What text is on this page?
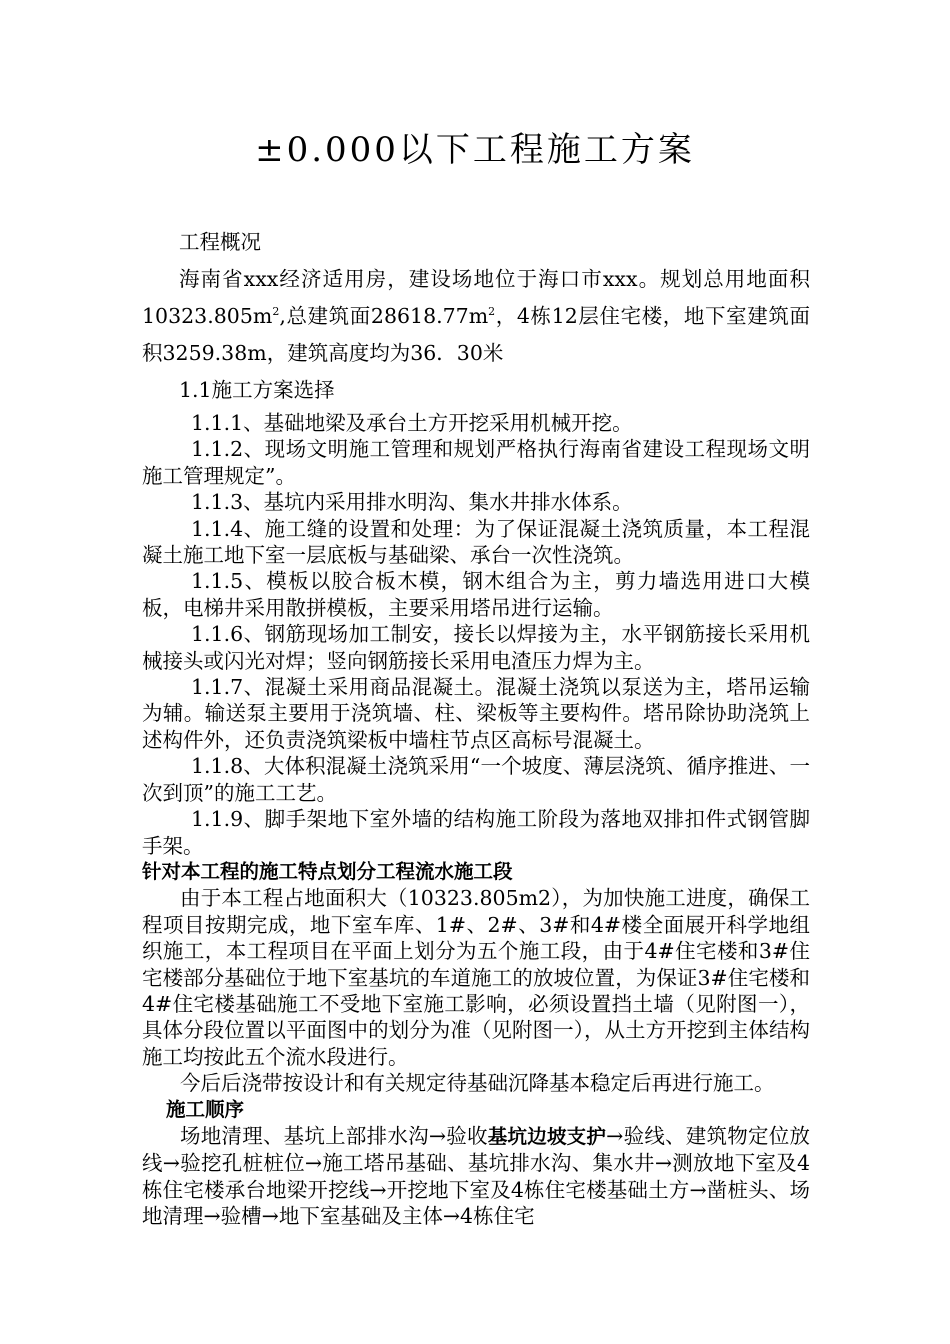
±0.000以下工程施工方案

工程概况

海南省xxx经济适用房，建设场地位于海口市xxx。规划总用地面积$10323.805m^2$,总建筑面$28618.77m^2$，4栋12层住宅楼，地下室建筑面积3259.38m，建筑高度均为36．30米

1.1施工方案选择

1.1.1、基础地梁及承台土方开挖采用机械开挖。

1.1.2、现场文明施工管理和规划严格执行海南省建设工程现场文明施工管理规定”。

1.1.3、基坑内采用排水明沟、集水井排水体系。

1.1.4、施工缝的设置和处理：为了保证混凝土浇筑质量，本工程混凝土施工地下室一层底板与基础梁、承台一次性浇筑。

1.1.5、模板以胶合板木模，钢木组合为主，剪力墙选用进口大模板，电梯井采用散拼模板，主要采用塔吊进行运输。

1.1.6、钢筋现场加工制安，接长以焊接为主，水平钢筋接长采用机械接头或闪光对焊；竖向钢筋接长采用电渣压力焊为主。

1.1.7、混凝土采用商品混凝土。混凝土浇筑以泵送为主，塔吊运输为辅。输送泵主要用于浇筑墙、柱、梁板等主要构件。塔吊除协助浇筑上述构件外，还负责浇筑梁板中墙柱节点区高标号混凝土。

1.1.8、大体积混凝土浇筑采用“一个坡度、薄层浇筑、循序推进、一次到顶”的施工工艺。

1.1.9、脚手架地下室外墙的结构施工阶段为落地双排扣件式钢管脚手架。

针对本工程的施工特点划分工程流水施工段

由于本工程占地面积大（10323.805m2），为加快施工进度，确保工程项目按期完成，地下室车库、1#、2#、3#和4#楼全面展开科学地组织施工，本工程项目在平面上划分为五个施工段，由于4#住宅楼和3#住宅楼部分基础位于地下室基坑的车道施工的放坡位置，为保证3#住宅楼和4#住宅楼基础施工不受地下室施工影响，必须设置挡土墙（见附图一），具体分段位置以平面图中的划分为准（见附图一），从土方开挖到主体结构施工均按此五个流水段进行。

今后后浇带按设计和有关规定待基础沉降基本稳定后再进行施工。

施工顺序

场地清理、基坑上部排水沟→验收基坑边坡支护→验线、建筑物定位放线→验挖孔桩桩位→施工塔吊基础、基坑排水沟、集水井→测放地下室及4栋住宅楼承台地梁开挖线→开挖地下室及4栋住宅楼基础土方→凿桩头、场地清理→验槽→地下室基础及主体→4栋住宅
